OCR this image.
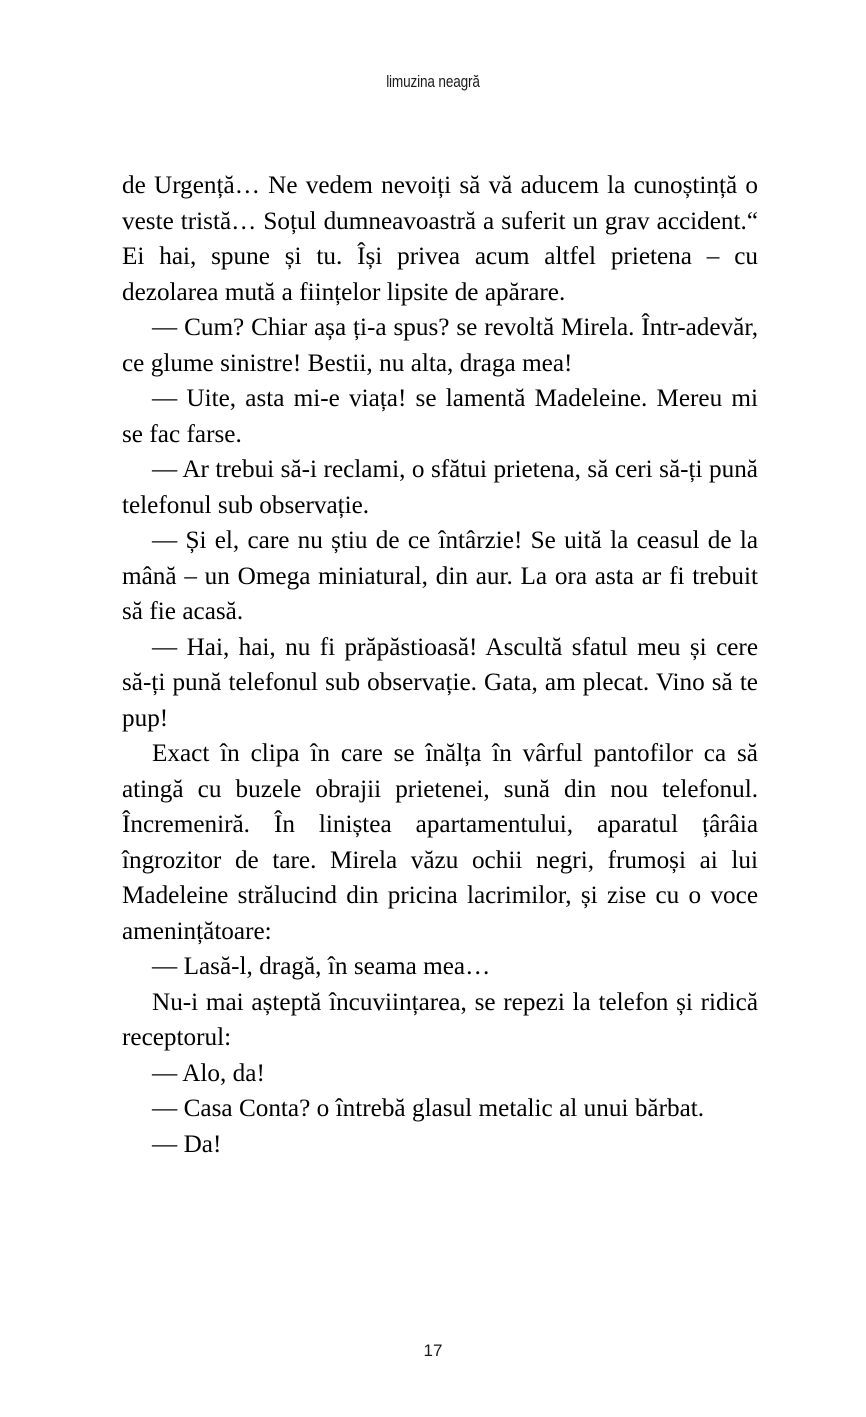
limuzina neagră

de Urgență… Ne vedem nevoiți să vă aducem la cunoștință o veste tristă… Soțul dumneavoastră a suferit un grav accident.“ Ei hai, spune și tu. Își privea acum altfel prietena – cu dezolarea mută a ființelor lipsite de apărare.

— Cum? Chiar așa ți-a spus? se revoltă Mirela. Într-adevăr, ce glume sinistre! Bestii, nu alta, draga mea!

— Uite, asta mi-e viața! se lamentă Madeleine. Mereu mi se fac farse.

— Ar trebui să-i reclami, o sfătui prietena, să ceri să-ți pună telefonul sub observație.

— Și el, care nu știu de ce întârzie! Se uită la ceasul de la mână – un Omega miniatural, din aur. La ora asta ar fi trebuit să fie acasă.

— Hai, hai, nu fi prăpăstioasă! Ascultă sfatul meu și cere să-ți pună telefonul sub observație. Gata, am plecat. Vino să te pup!

Exact în clipa în care se înălța în vârful pantofilor ca să atingă cu buzele obrajii prietenei, sună din nou telefonul. Încremeniră. În liniștea apartamentului, aparatul țârâia îngrozitor de tare. Mirela văzu ochii negri, frumoși ai lui Madeleine strălucind din pricina lacrimilor, și zise cu o voce amenințătoare:

— Lasă-l, dragă, în seama mea…

Nu-i mai așteptă încuviințarea, se repezi la telefon și ridică receptorul:

— Alo, da!

— Casa Conta? o întrebă glasul metalic al unui bărbat.

— Da!

17
